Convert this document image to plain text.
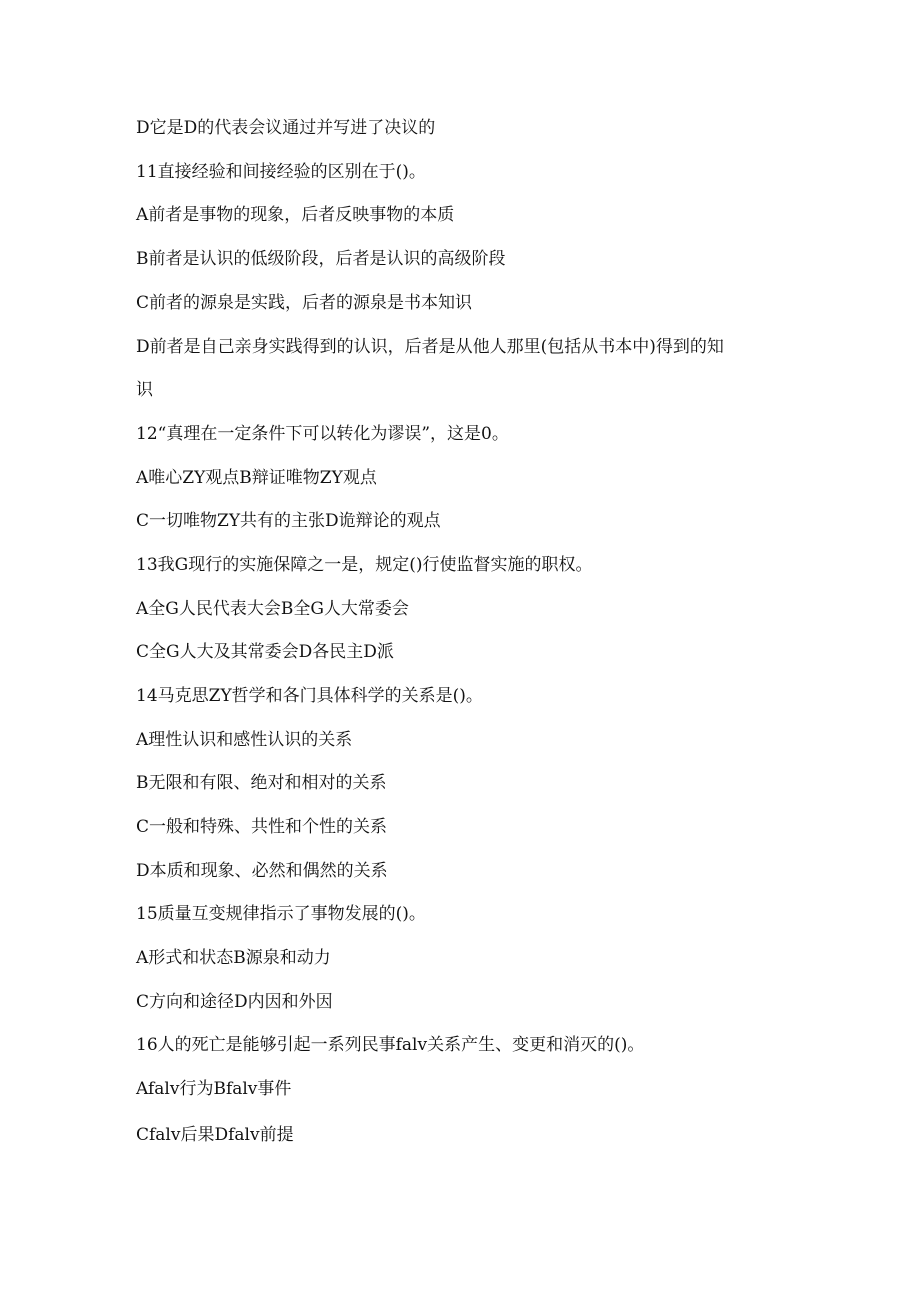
D它是D的代表会议通过并写进了决议的
11直接经验和间接经验的区别在于()。
A前者是事物的现象，后者反映事物的本质
B前者是认识的低级阶段，后者是认识的高级阶段
C前者的源泉是实践，后者的源泉是书本知识
D前者是自己亲身实践得到的认识，后者是从他人那里(包括从书本中)得到的知
识
12“真理在一定条件下可以转化为谬误”，这是0。
A唯心ZY观点B辩证唯物ZY观点
C一切唯物ZY共有的主张D诡辩论的观点
13我G现行的实施保障之一是，规定()行使监督实施的职权。
A全G人民代表大会B全G人大常委会
C全G人大及其常委会D各民主D派
14马克思ZY哲学和各门具体科学的关系是()。
A理性认识和感性认识的关系
B无限和有限、绝对和相对的关系
C一般和特殊、共性和个性的关系
D本质和现象、必然和偶然的关系
15质量互变规律指示了事物发展的()。
A形式和状态B源泉和动力
C方向和途径D内因和外因
16人的死亡是能够引起一系列民事falv关系产生、变更和消灭的()。
Afalv行为Bfalv事件
Cfalv后果Dfalv前提
